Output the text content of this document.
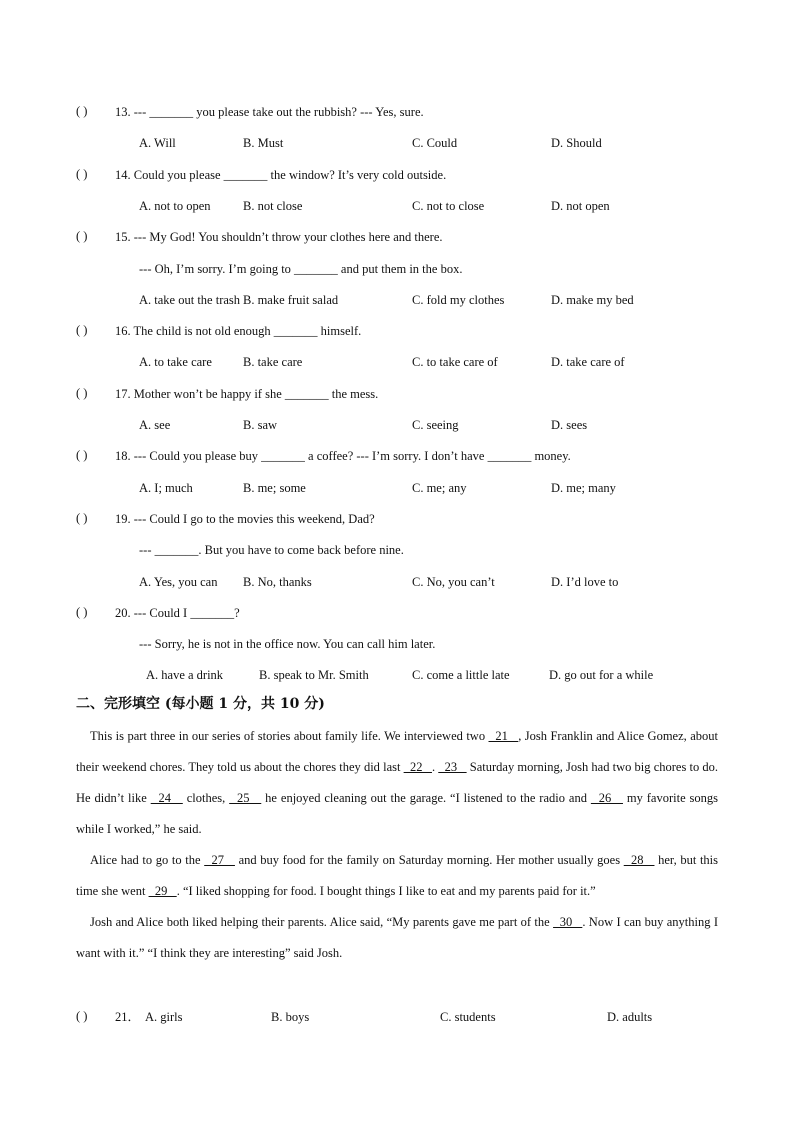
( ) 13. --- _______ you please take out the rubbish? --- Yes, sure.
A. Will	B. Must	C. Could	D. Should
( ) 14. Could you please _______ the window? It’s very cold outside.
A. not to open	B. not close	C. not to close	D. not open
( ) 15. --- My God! You shouldn’t throw your clothes here and there.
--- Oh, I’m sorry. I’m going to _______ and put them in the box.
A. take out the trash B. make fruit salad	C. fold my clothes	D. make my bed
( ) 16. The child is not old enough _______ himself.
A. to take care B. take care	C. to take care of	D. take care of
( ) 17. Mother won’t be happy if she _______ the mess.
A. see	B. saw	C. seeing	D. sees
( ) 18. --- Could you please buy _______ a coffee? --- I’m sorry. I don’t have _______ money.
A. I; much	B. me; some	C. me; any	D. me; many
( ) 19. --- Could I go to the movies this weekend, Dad?
--- _______. But you have to come back before nine.
A. Yes, you can B. No, thanks	C. No, you can’t	D. I’d love to
( ) 20. --- Could I _______?
--- Sorry, he is not in the office now. You can call him later.
A. have a drink	B. speak to Mr. Smith	C. come a little late	D. go out for a while
二、完形填空 (每小题 1 分，共 10 分)

This is part three in our series of stories about family life. We interviewed two   21   , Josh Franklin and Alice Gomez, about their weekend chores. They told us about the chores they did last   22   .   23    Saturday morning, Josh had two big chores to do. He didn’t like   24    clothes,   25    he enjoyed cleaning out the garage. “I listened to the radio and   26    my favorite songs while I worked,” he said.

Alice had to go to the   27    and buy food for the family on Saturday morning. Her mother usually goes   28    her, but this time she went   29   . “I liked shopping for food. I bought things I like to eat and my parents paid for it.”

Josh and Alice both liked helping their parents. Alice said, “My parents gave me part of the   30   . Now I can buy anything I want with it.” “I think they are interesting” said Josh.

( ) 21． A. girls	B. boys	C. students	D. adults
